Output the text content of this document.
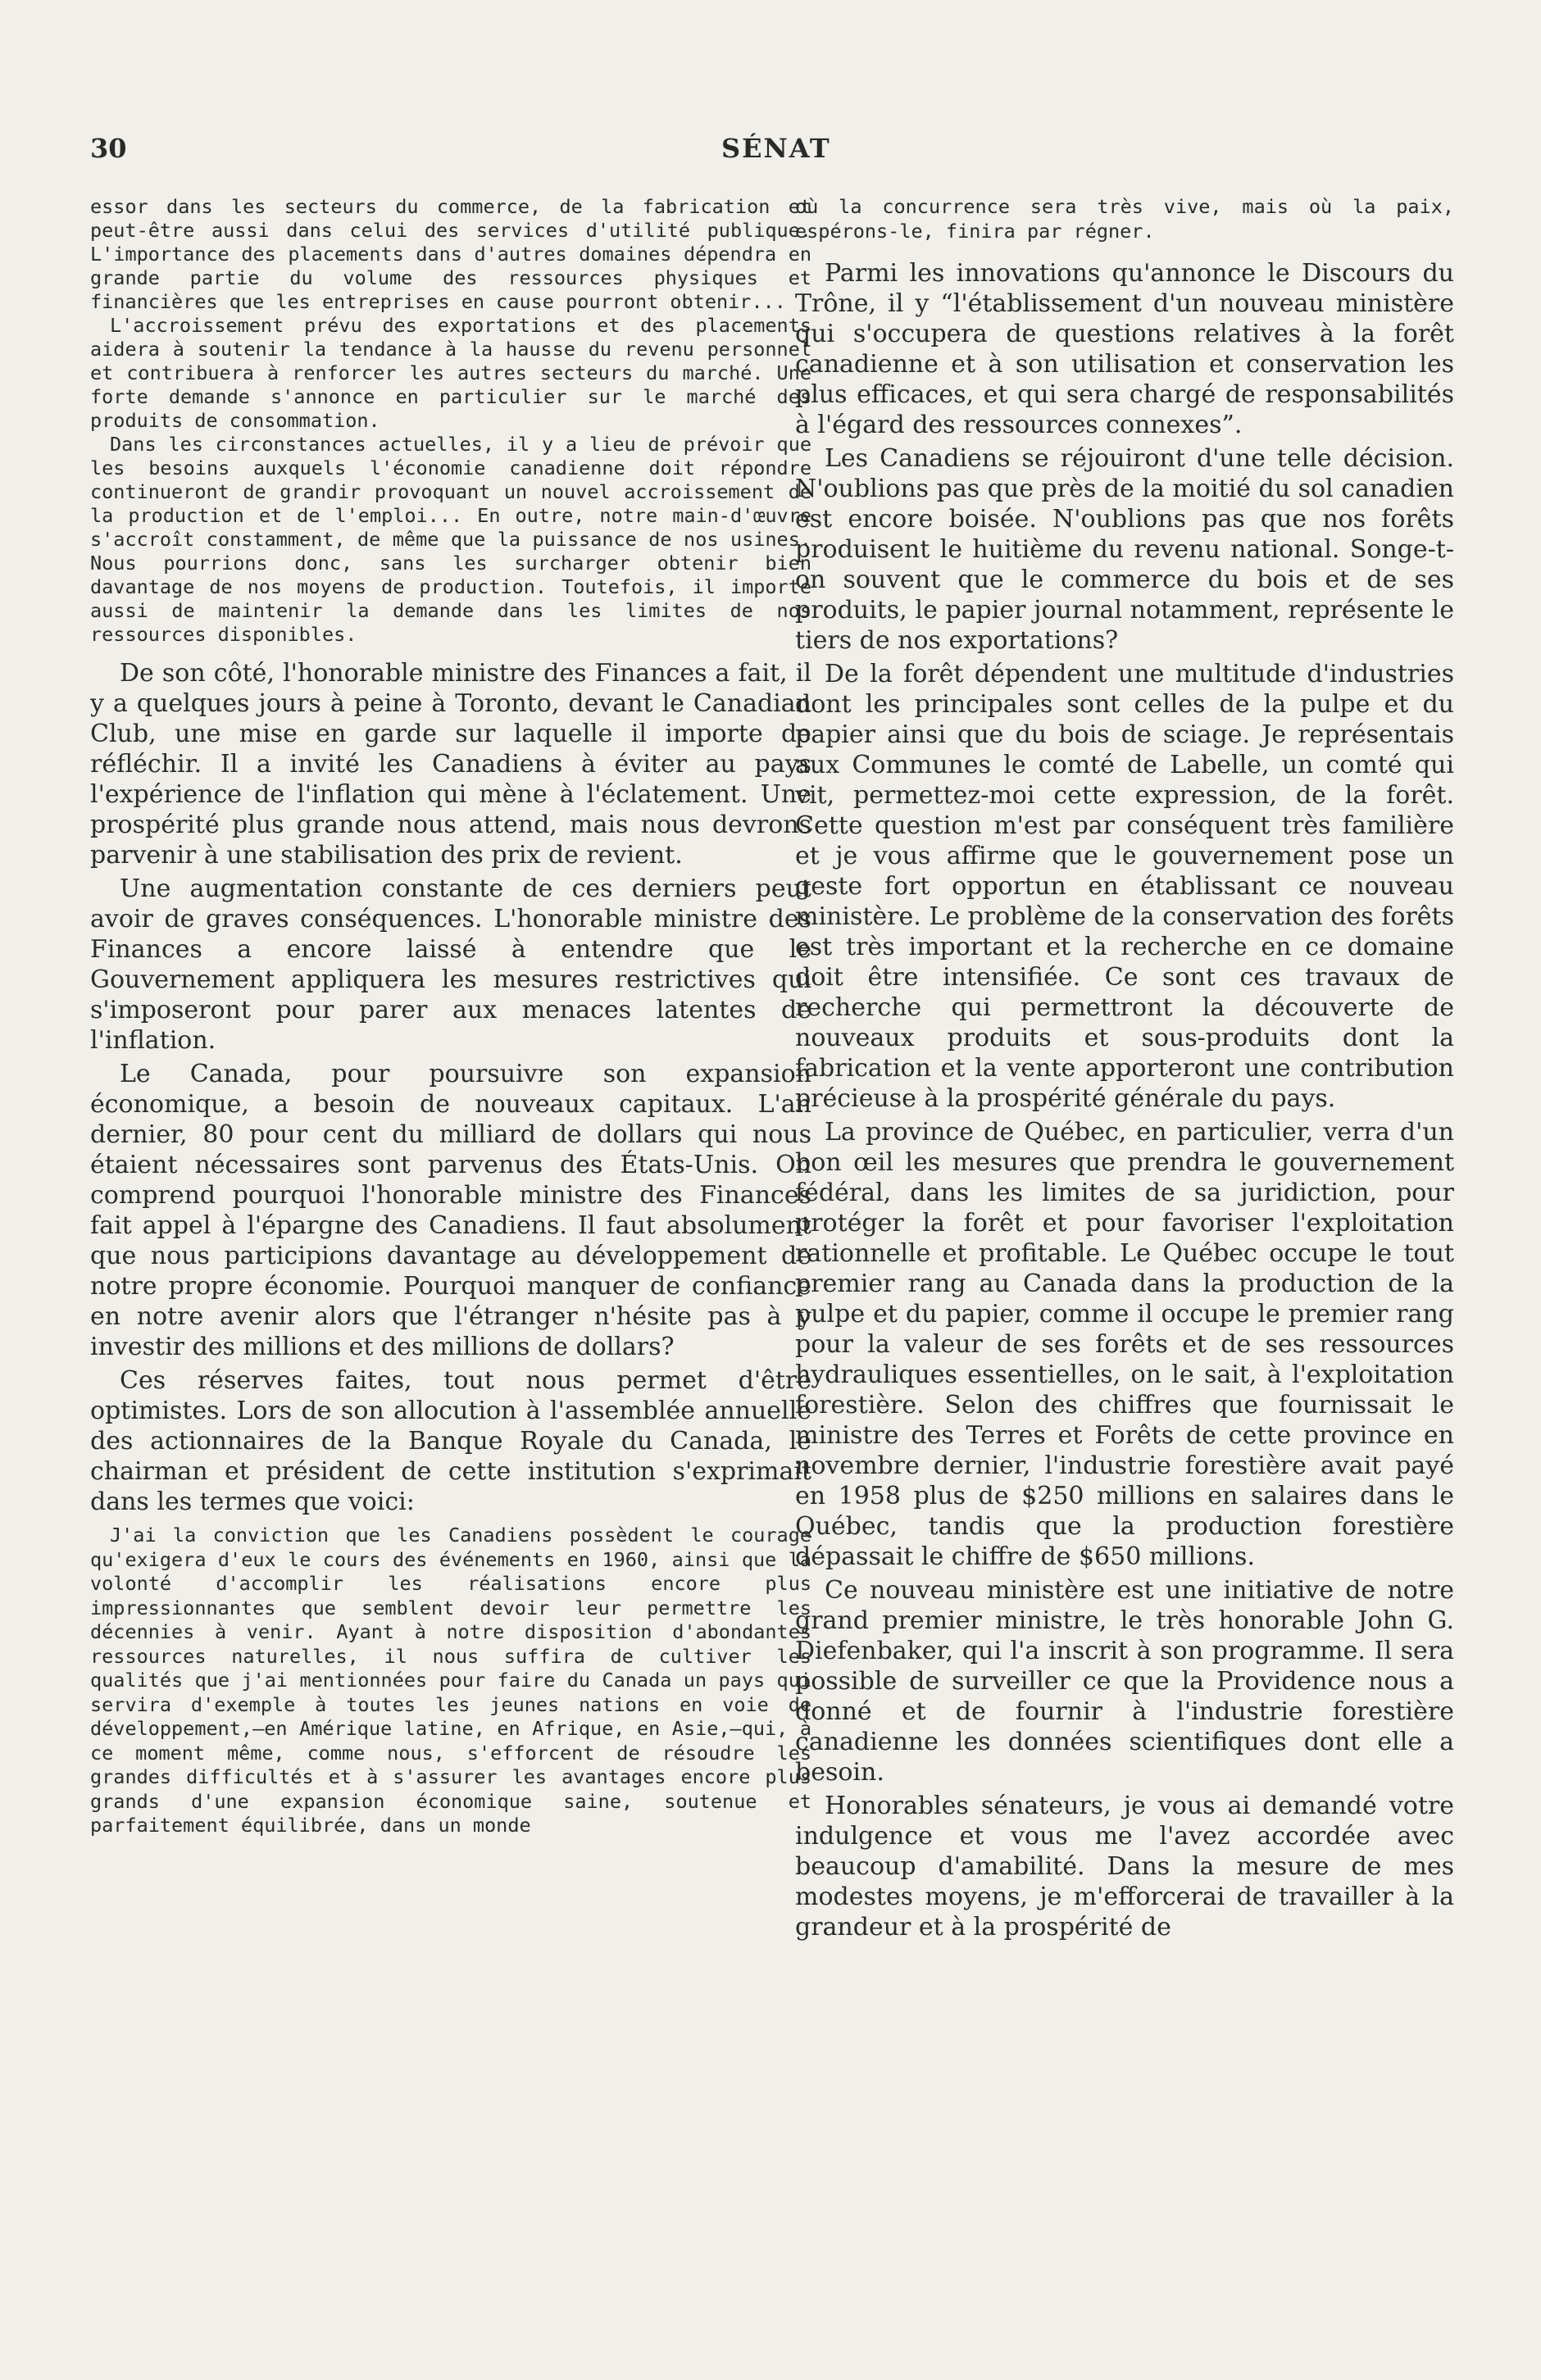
30	SÉNAT

essor dans les secteurs du commerce, de la fabrication et peut-être aussi dans celui des services d'utilité publique. L'importance des placements dans d'autres domaines dépendra en grande partie du volume des ressources physiques et financières que les entreprises en cause pourront obtenir...

L'accroissement prévu des exportations et des placements aidera à soutenir la tendance à la hausse du revenu personnel et contribuera à renforcer les autres secteurs du marché. Une forte demande s'annonce en particulier sur le marché des produits de consommation.

Dans les circonstances actuelles, il y a lieu de prévoir que les besoins auxquels l'économie canadienne doit répondre continueront de grandir provoquant un nouvel accroissement de la production et de l'emploi... En outre, notre main-d'œuvre s'accroît constamment, de même que la puissance de nos usines. Nous pourrions donc, sans les surcharger obtenir bien davantage de nos moyens de production. Toutefois, il importe aussi de maintenir la demande dans les limites de nos ressources disponibles.

De son côté, l'honorable ministre des Finances a fait, il y a quelques jours à peine à Toronto, devant le Canadian Club, une mise en garde sur laquelle il importe de réfléchir. Il a invité les Canadiens à éviter au pays l'expérience de l'inflation qui mène à l'éclatement. Une prospérité plus grande nous attend, mais nous devrons parvenir à une stabilisation des prix de revient.

Une augmentation constante de ces derniers peut avoir de graves conséquences. L'honorable ministre des Finances a encore laissé à entendre que le Gouvernement appliquera les mesures restrictives qui s'imposeront pour parer aux menaces latentes de l'inflation.

Le Canada, pour poursuivre son expansion économique, a besoin de nouveaux capitaux. L'an dernier, 80 pour cent du milliard de dollars qui nous étaient nécessaires sont parvenus des États-Unis. On comprend pourquoi l'honorable ministre des Finances fait appel à l'épargne des Canadiens. Il faut absolument que nous participions davantage au développement de notre propre économie. Pourquoi manquer de confiance en notre avenir alors que l'étranger n'hésite pas à y investir des millions et des millions de dollars?

Ces réserves faites, tout nous permet d'être optimistes. Lors de son allocution à l'assemblée annuelle des actionnaires de la Banque Royale du Canada, le chairman et président de cette institution s'exprimait dans les termes que voici:

J'ai la conviction que les Canadiens possèdent le courage qu'exigera d'eux le cours des événements en 1960, ainsi que la volonté d'accomplir les réalisations encore plus impressionnantes que semblent devoir leur permettre les décennies à venir. Ayant à notre disposition d'abondantes ressources naturelles, il nous suffira de cultiver les qualités que j'ai mentionnées pour faire du Canada un pays qui servira d'exemple à toutes les jeunes nations en voie de développement,—en Amérique latine, en Afrique, en Asie,—qui, à ce moment même, comme nous, s'efforcent de résoudre les grandes difficultés et à s'assurer les avantages encore plus grands d'une expansion économique saine, soutenue et parfaitement équilibrée, dans un monde

où la concurrence sera très vive, mais où la paix, espérons-le, finira par régner.

Parmi les innovations qu'annonce le Discours du Trône, il y “l'établissement d'un nouveau ministère qui s'occupera de questions relatives à la forêt canadienne et à son utilisation et conservation les plus efficaces, et qui sera chargé de responsabilités à l'égard des ressources connexes”.

Les Canadiens se réjouiront d'une telle décision. N'oublions pas que près de la moitié du sol canadien est encore boisée. N'oublions pas que nos forêts produisent le huitième du revenu national. Songe-t-on souvent que le commerce du bois et de ses produits, le papier journal notamment, représente le tiers de nos exportations?

De la forêt dépendent une multitude d'industries dont les principales sont celles de la pulpe et du papier ainsi que du bois de sciage. Je représentais aux Communes le comté de Labelle, un comté qui vit, permettez-moi cette expression, de la forêt. Cette question m'est par conséquent très familière et je vous affirme que le gouvernement pose un geste fort opportun en établissant ce nouveau ministère. Le problème de la conservation des forêts est très important et la recherche en ce domaine doit être intensifiée. Ce sont ces travaux de recherche qui permettront la découverte de nouveaux produits et sous-produits dont la fabrication et la vente apporteront une contribution précieuse à la prospérité générale du pays.

La province de Québec, en particulier, verra d'un bon œil les mesures que prendra le gouvernement fédéral, dans les limites de sa juridiction, pour protéger la forêt et pour favoriser l'exploitation rationnelle et profitable. Le Québec occupe le tout premier rang au Canada dans la production de la pulpe et du papier, comme il occupe le premier rang pour la valeur de ses forêts et de ses ressources hydrauliques essentielles, on le sait, à l'exploitation forestière. Selon des chiffres que fournissait le ministre des Terres et Forêts de cette province en novembre dernier, l'industrie forestière avait payé en 1958 plus de $250 millions en salaires dans le Québec, tandis que la production forestière dépassait le chiffre de $650 millions.

Ce nouveau ministère est une initiative de notre grand premier ministre, le très honorable John G. Diefenbaker, qui l'a inscrit à son programme. Il sera possible de surveiller ce que la Providence nous a donné et de fournir à l'industrie forestière canadienne les données scientifiques dont elle a besoin.

Honorables sénateurs, je vous ai demandé votre indulgence et vous me l'avez accordée avec beaucoup d'amabilité. Dans la mesure de mes modestes moyens, je m'efforcerai de travailler à la grandeur et à la prospérité de
